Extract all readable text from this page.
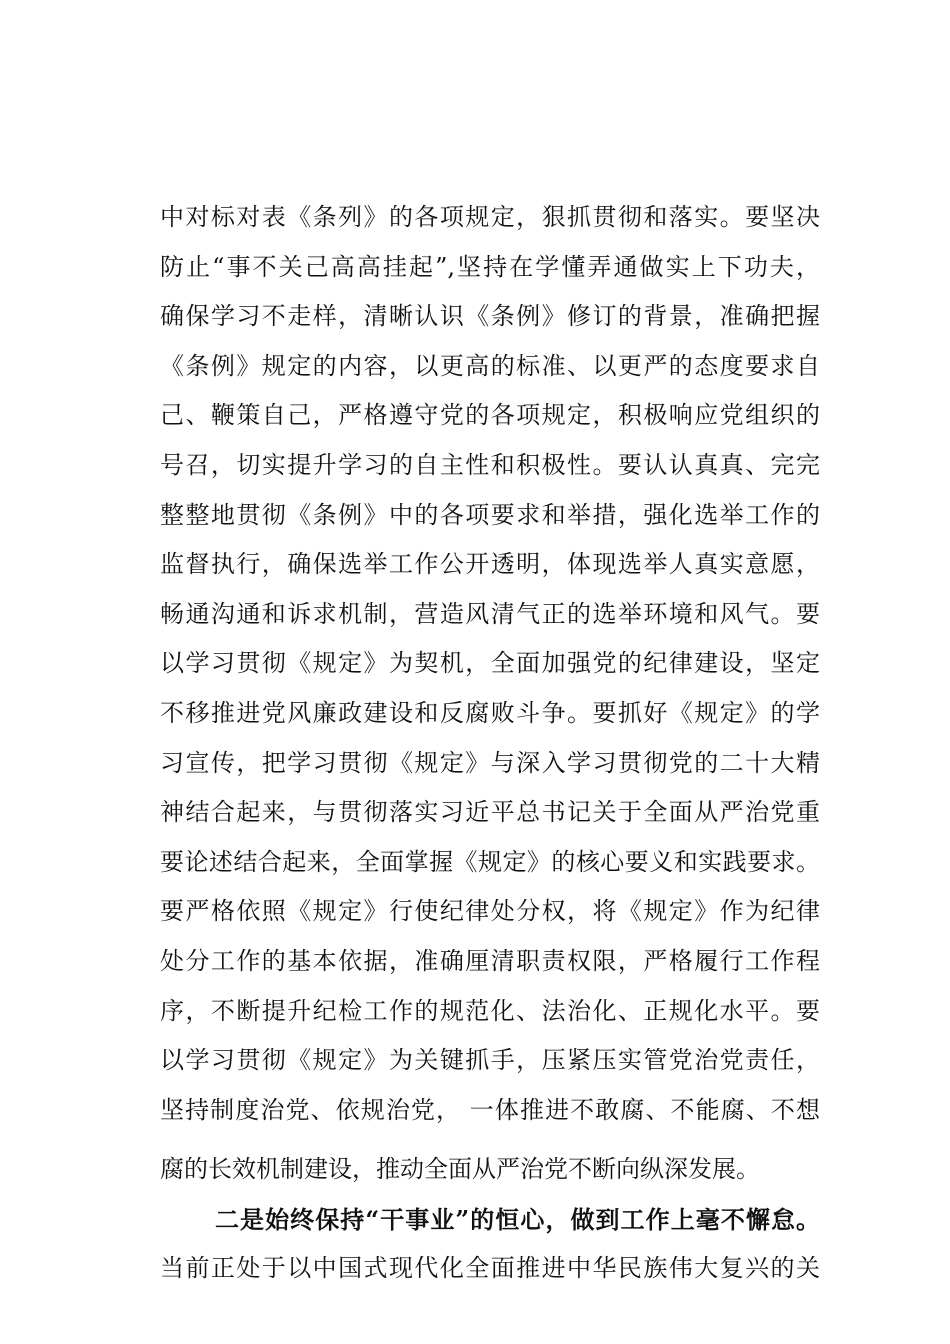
中对标对表《条列》的各项规定，狠抓贯彻和落实。要坚决
防止“事不关己高高挂起”,坚持在学懂弄通做实上下功夫，
确保学习不走样，清晰认识《条例》修订的背景，准确把握
《条例》规定的内容，以更高的标准、以更严的态度要求自
己、鞭策自己，严格遵守党的各项规定，积极响应党组织的
号召，切实提升学习的自主性和积极性。要认认真真、完完
整整地贯彻《条例》中的各项要求和举措，强化选举工作的
监督执行，确保选举工作公开透明，体现选举人真实意愿，
畅通沟通和诉求机制，营造风清气正的选举环境和风气。要
以学习贯彻《规定》为契机，全面加强党的纪律建设，坚定
不移推进党风廉政建设和反腐败斗争。要抓好《规定》的学
习宣传，把学习贯彻《规定》与深入学习贯彻党的二十大精
神结合起来，与贯彻落实习近平总书记关于全面从严治党重
要论述结合起来，全面掌握《规定》的核心要义和实践要求。
要严格依照《规定》行使纪律处分权，将《规定》作为纪律
处分工作的基本依据，准确厘清职责权限，严格履行工作程
序，不断提升纪检工作的规范化、法治化、正规化水平。要
以学习贯彻《规定》为关键抓手，压紧压实管党治党责任，
坚持制度治党、依规治党， 一体推进不敢腐、不能腐、不想
腐的长效机制建设，推动全面从严治党不断向纵深发展。
二是始终保持“干事业”的恒心，做到工作上毫不懈怠。
当前正处于以中国式现代化全面推进中华民族伟大复兴的关
